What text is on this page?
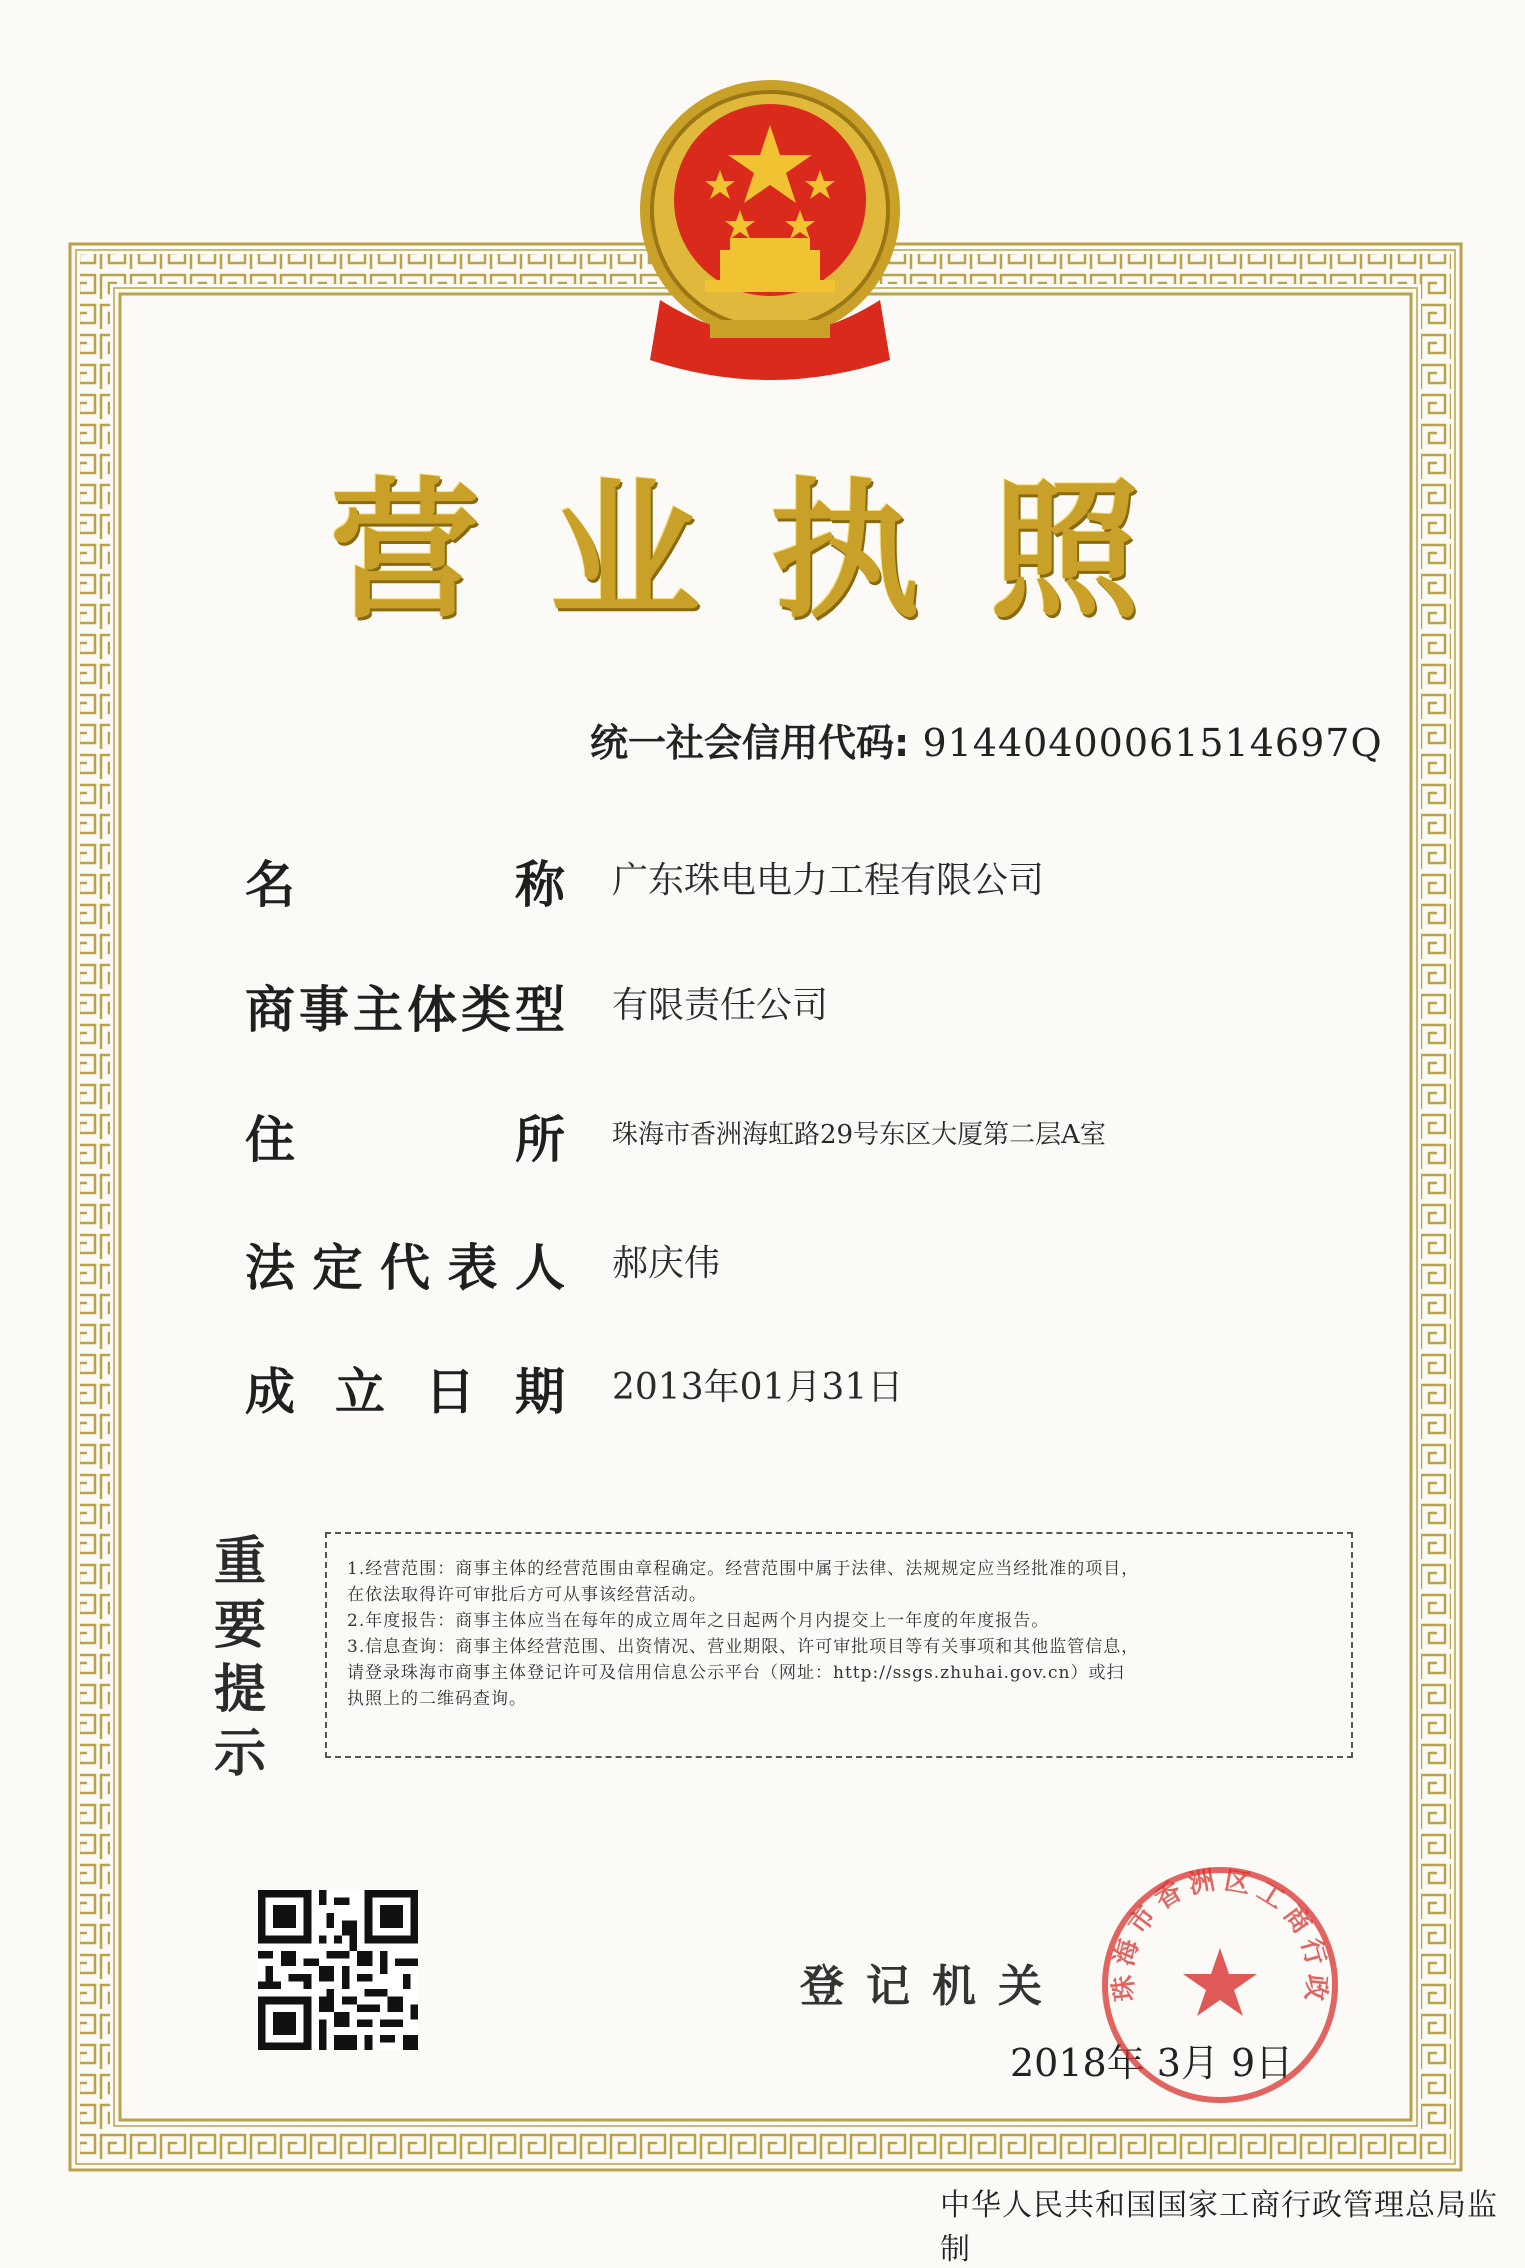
营业执照
统一社会信用代码: 91440400061514697Q
名	称 广东珠电电力工程有限公司
商 事 主 体 类 型 有限责任公司
住	所 珠海市香洲海虹路29号东区大厦第二层A室
法 定 代 表 人 郝庆伟
成 立 日 期 2013年01月31日
重要提示
1.经营范围：商事主体的经营范围由章程确定。经营范围中属于法律、法规规定应当经批准的项目，
在依法取得许可审批后方可从事该经营活动。
2.年度报告：商事主体应当在每年的成立周年之日起两个月内提交上一年度的年度报告。
3.信息查询：商事主体经营范围、出资情况、营业期限、许可审批项目等有关事项和其他监管信息，
请登录珠海市商事主体登记许可及信用信息公示平台（网址：http://ssgs.zhuhai.gov.cn）或扫
执照上的二维码查询。
登记机关
2018年 3月 9日
珠海市香洲区工商行政
中华人民共和国国家工商行政管理总局监制
